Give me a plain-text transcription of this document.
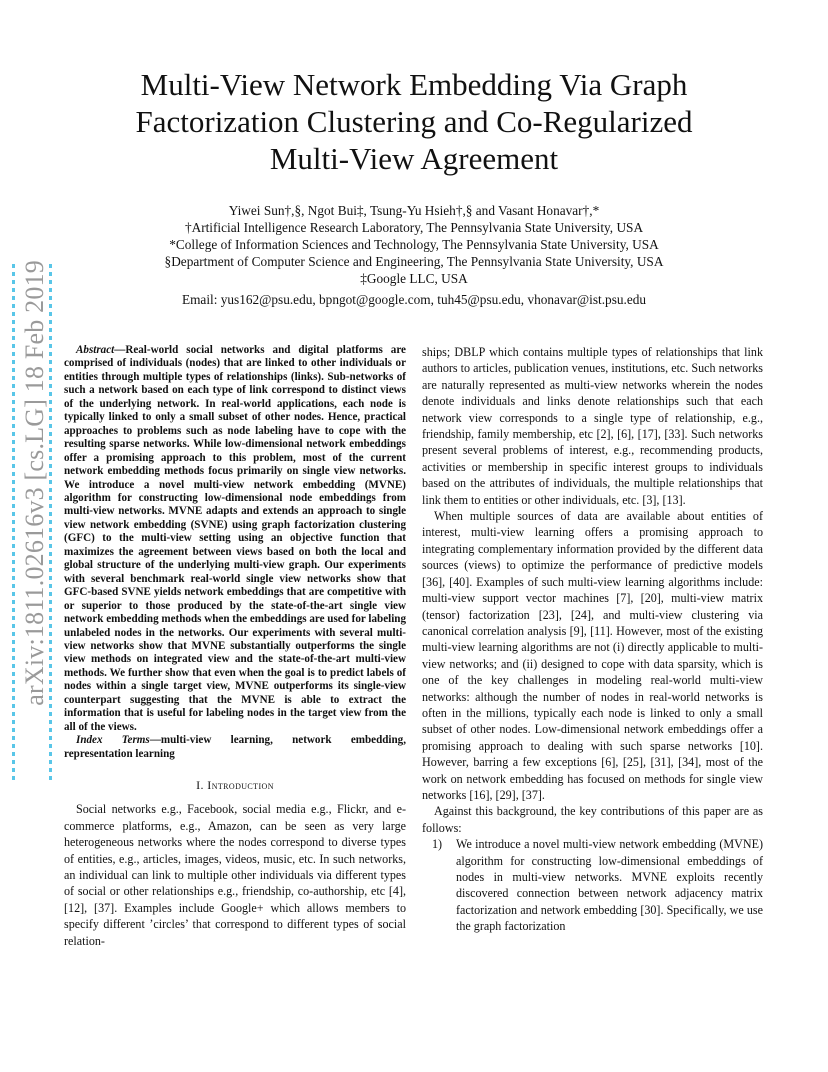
arXiv:1811.02616v3 [cs.LG] 18 Feb 2019
Multi-View Network Embedding Via Graph Factorization Clustering and Co-Regularized Multi-View Agreement
Yiwei Sun†,§, Ngot Bui‡, Tsung-Yu Hsieh†,§ and Vasant Honavar†,*
†Artificial Intelligence Research Laboratory, The Pennsylvania State University, USA
*College of Information Sciences and Technology, The Pennsylvania State University, USA
§Department of Computer Science and Engineering, The Pennsylvania State University, USA
‡Google LLC, USA
Email: yus162@psu.edu, bpngot@google.com, tuh45@psu.edu, vhonavar@ist.psu.edu

Abstract—Real-world social networks and digital platforms are comprised of individuals (nodes) that are linked to other individuals or entities through multiple types of relationships (links). Sub-networks of such a network based on each type of link correspond to distinct views of the underlying network. In real-world applications, each node is typically linked to only a small subset of other nodes. Hence, practical approaches to problems such as node labeling have to cope with the resulting sparse networks. While low-dimensional network embeddings offer a promising approach to this problem, most of the current network embedding methods focus primarily on single view networks. We introduce a novel multi-view network embedding (MVNE) algorithm for constructing low-dimensional node embeddings from multi-view networks. MVNE adapts and extends an approach to single view network embedding (SVNE) using graph factorization clustering (GFC) to the multi-view setting using an objective function that maximizes the agreement between views based on both the local and global structure of the underlying multi-view graph. Our experiments with several benchmark real-world single view networks show that GFC-based SVNE yields network embeddings that are competitive with or superior to those produced by the state-of-the-art single view network embedding methods when the embeddings are used for labeling unlabeled nodes in the networks. Our experiments with several multi-view networks show that MVNE substantially outperforms the single view methods on integrated view and the state-of-the-art multi-view methods. We further show that even when the goal is to predict labels of nodes within a single target view, MVNE outperforms its single-view counterpart suggesting that the MVNE is able to extract the information that is useful for labeling nodes in the target view from the all of the views.

Index Terms—multi-view learning, network embedding, representation learning

I. Introduction

Social networks e.g., Facebook, social media e.g., Flickr, and e-commerce platforms, e.g., Amazon, can be seen as very large heterogeneous networks where the nodes correspond to diverse types of entities, e.g., articles, images, videos, music, etc. In such networks, an individual can link to multiple other individuals via different types of social or other relationships e.g., friendship, co-authorship, etc [4], [12], [37]. Examples include Google+ which allows members to specify different ’circles’ that correspond to different types of social relation-

ships; DBLP which contains multiple types of relationships that link authors to articles, publication venues, institutions, etc. Such networks are naturally represented as multi-view networks wherein the nodes denote individuals and links denote relationships such that each network view corresponds to a single type of relationship, e.g., friendship, family membership, etc [2], [6], [17], [33]. Such networks present several problems of interest, e.g., recommending products, activities or membership in specific interest groups to individuals based on the attributes of individuals, the multiple relationships that link them to entities or other individuals, etc. [3], [13].

When multiple sources of data are available about entities of interest, multi-view learning offers a promising approach to integrating complementary information provided by the different data sources (views) to optimize the performance of predictive models [36], [40]. Examples of such multi-view learning algorithms include: multi-view support vector machines [7], [20], multi-view matrix (tensor) factorization [23], [24], and multi-view clustering via canonical correlation analysis [9], [11]. However, most of the existing multi-view learning algorithms are not (i) directly applicable to multi-view networks; and (ii) designed to cope with data sparsity, which is one of the key challenges in modeling real-world multi-view networks: although the number of nodes in real-world networks is often in the millions, typically each node is linked to only a small subset of other nodes. Low-dimensional network embeddings offer a promising approach to dealing with such sparse networks [10]. However, barring a few exceptions [6], [25], [31], [34], most of the work on network embedding has focused on methods for single view networks [16], [29], [37].

Against this background, the key contributions of this paper are as follows:

1) We introduce a novel multi-view network embedding (MVNE) algorithm for constructing low-dimensional embeddings of nodes in multi-view networks. MVNE exploits recently discovered connection between network adjacency matrix factorization and network embedding [30]. Specifically, we use the graph factorization
